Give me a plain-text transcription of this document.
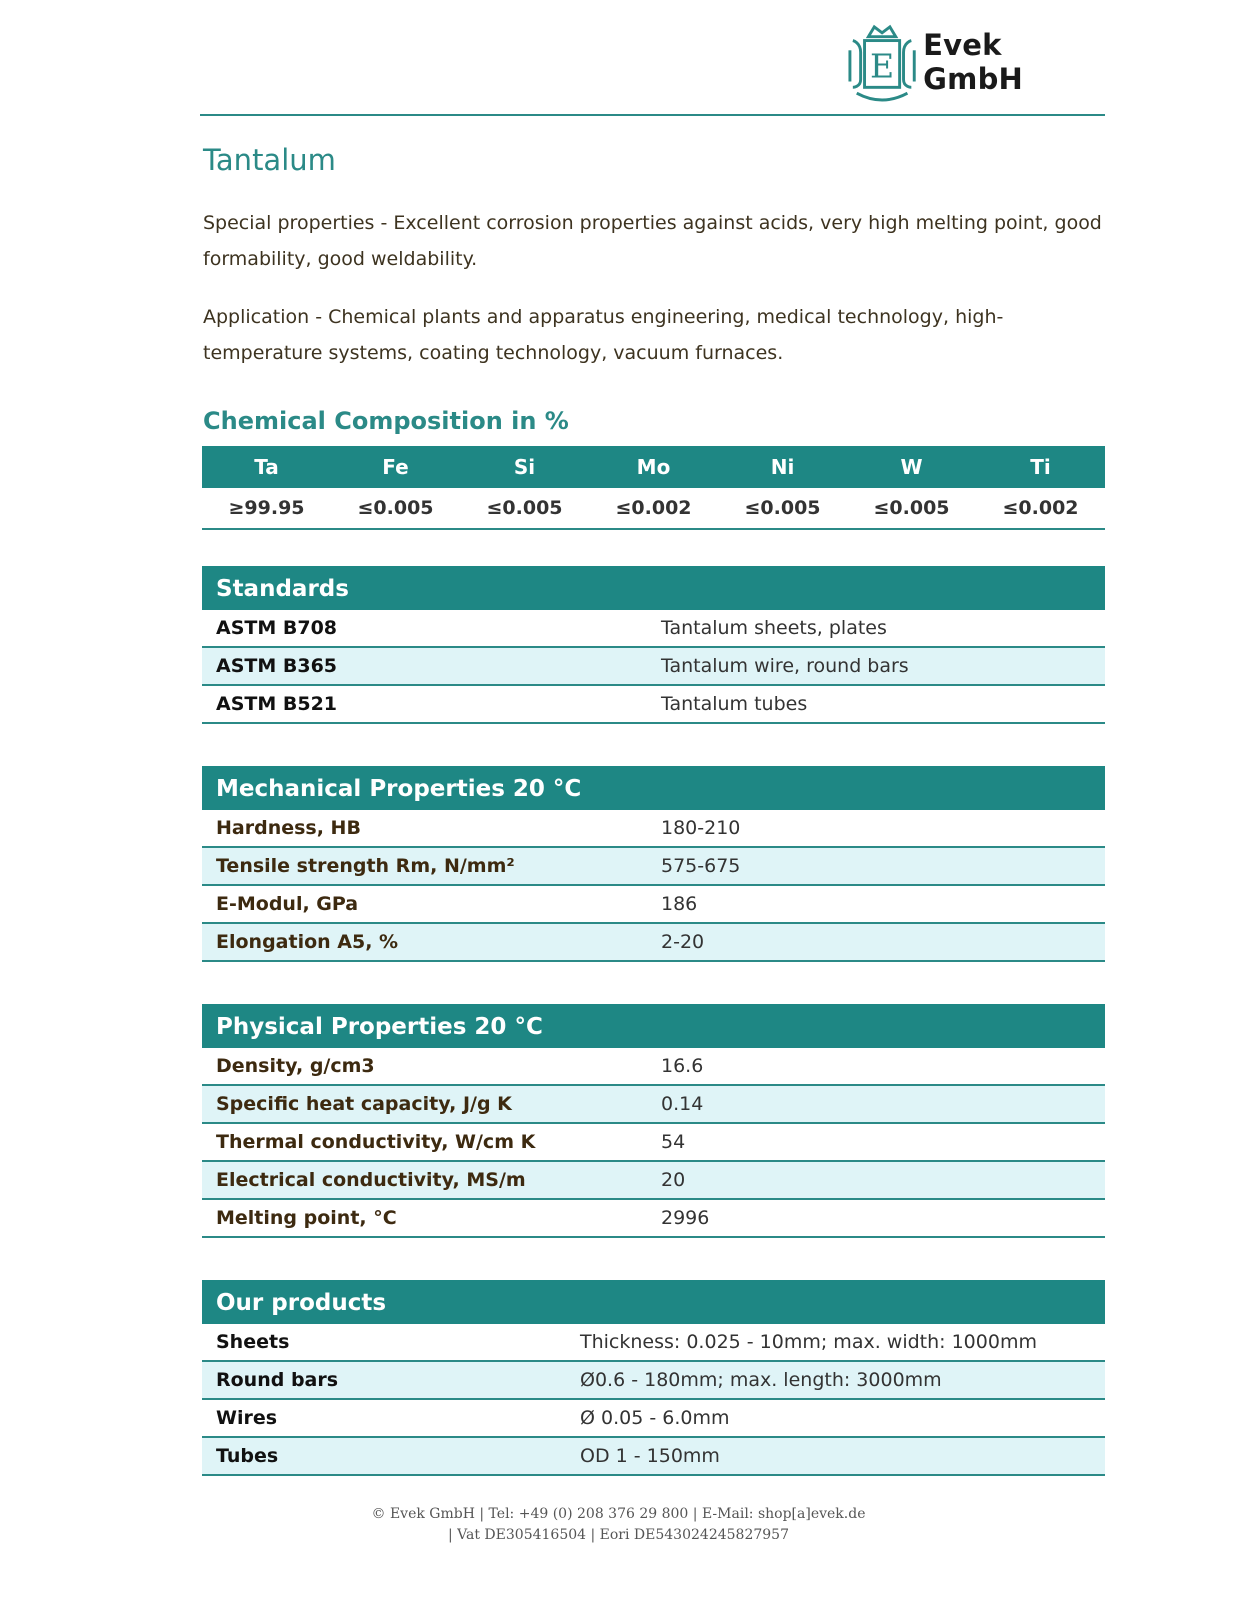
E
Evek GmbH
Tantalum

Special properties - Excellent corrosion properties against acids, very high melting point, good formability, good weldability.

Application - Chemical plants and apparatus engineering, medical technology, high-temperature systems, coating technology, vacuum furnaces.

Chemical Composition in %
Ta	Fe	Si	Mo	Ni	W	Ti
≥99.95	≤0.005	≤0.005	≤0.002	≤0.005	≤0.005	≤0.002
Standards
ASTM B708	Tantalum sheets, plates
ASTM B365	Tantalum wire, round bars
ASTM B521	Tantalum tubes
Mechanical Properties 20 °C
Hardness, HB	180-210
Tensile strength Rm, N/mm²	575-675
E-Modul, GPa	186
Elongation A5, %	2-20
Physical Properties 20 °C
Density, g/cm3	16.6
Specific heat capacity, J/g K	0.14
Thermal conductivity, W/cm K	54
Electrical conductivity, MS/m	20
Melting point, °C	2996
Our products
Sheets	Thickness: 0.025 - 10mm; max. width: 1000mm
Round bars	Ø0.6 - 180mm; max. length: 3000mm
Wires	Ø 0.05 - 6.0mm
Tubes	OD 1 - 150mm
© Evek GmbH | Tel: +49 (0) 208 376 29 800 | E-Mail: shop[a]evek.de
| Vat DE305416504 | Eori DE543024245827957
